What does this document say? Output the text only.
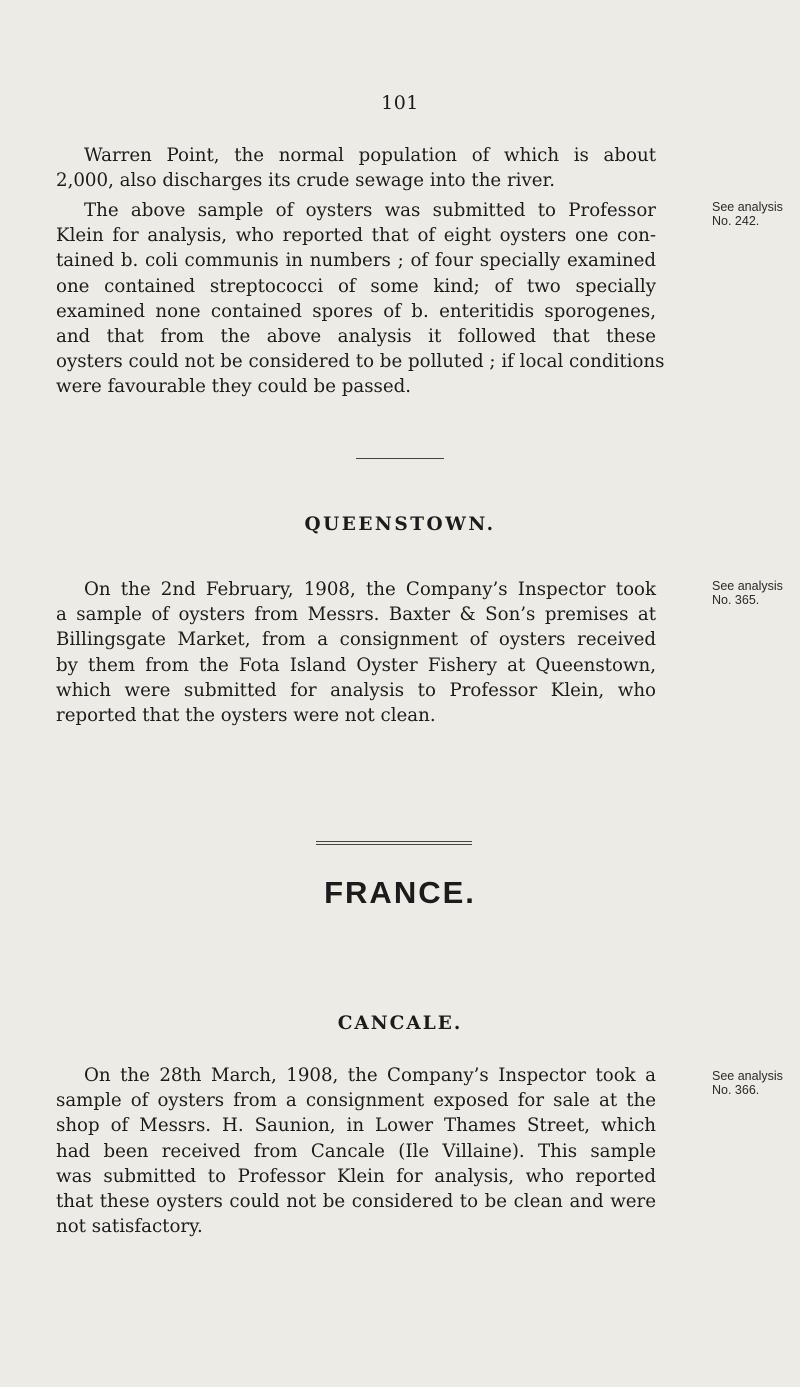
101
Warren Point, the normal population of which is about
2,000, also discharges its crude sewage into the river.
The above sample of oysters was submitted to Professor
Klein for analysis, who reported that of eight oysters one con-
tained b. coli communis in numbers ; of four specially examined
one contained streptococci of some kind; of two specially
examined none contained spores of b. enteritidis sporogenes,
and that from the above analysis it followed that these
oysters could not be considered to be polluted ; if local conditions
were favourable they could be passed.
See analysis
No. 242.
QUEENSTOWN.
On the 2nd February, 1908, the Company’s Inspector took
a sample of oysters from Messrs. Baxter & Son’s premises at
Billingsgate Market, from a consignment of oysters received
by them from the Fota Island Oyster Fishery at Queenstown,
which were submitted for analysis to Professor Klein, who
reported that the oysters were not clean.
See analysis
No. 365.
FRANCE.
CANCALE.
On the 28th March, 1908, the Company’s Inspector took a
sample of oysters from a consignment exposed for sale at the
shop of Messrs. H. Saunion, in Lower Thames Street, which
had been received from Cancale (Ile Villaine). This sample
was submitted to Professor Klein for analysis, who reported
that these oysters could not be considered to be clean and were
not satisfactory.
See analysis
No. 366.
